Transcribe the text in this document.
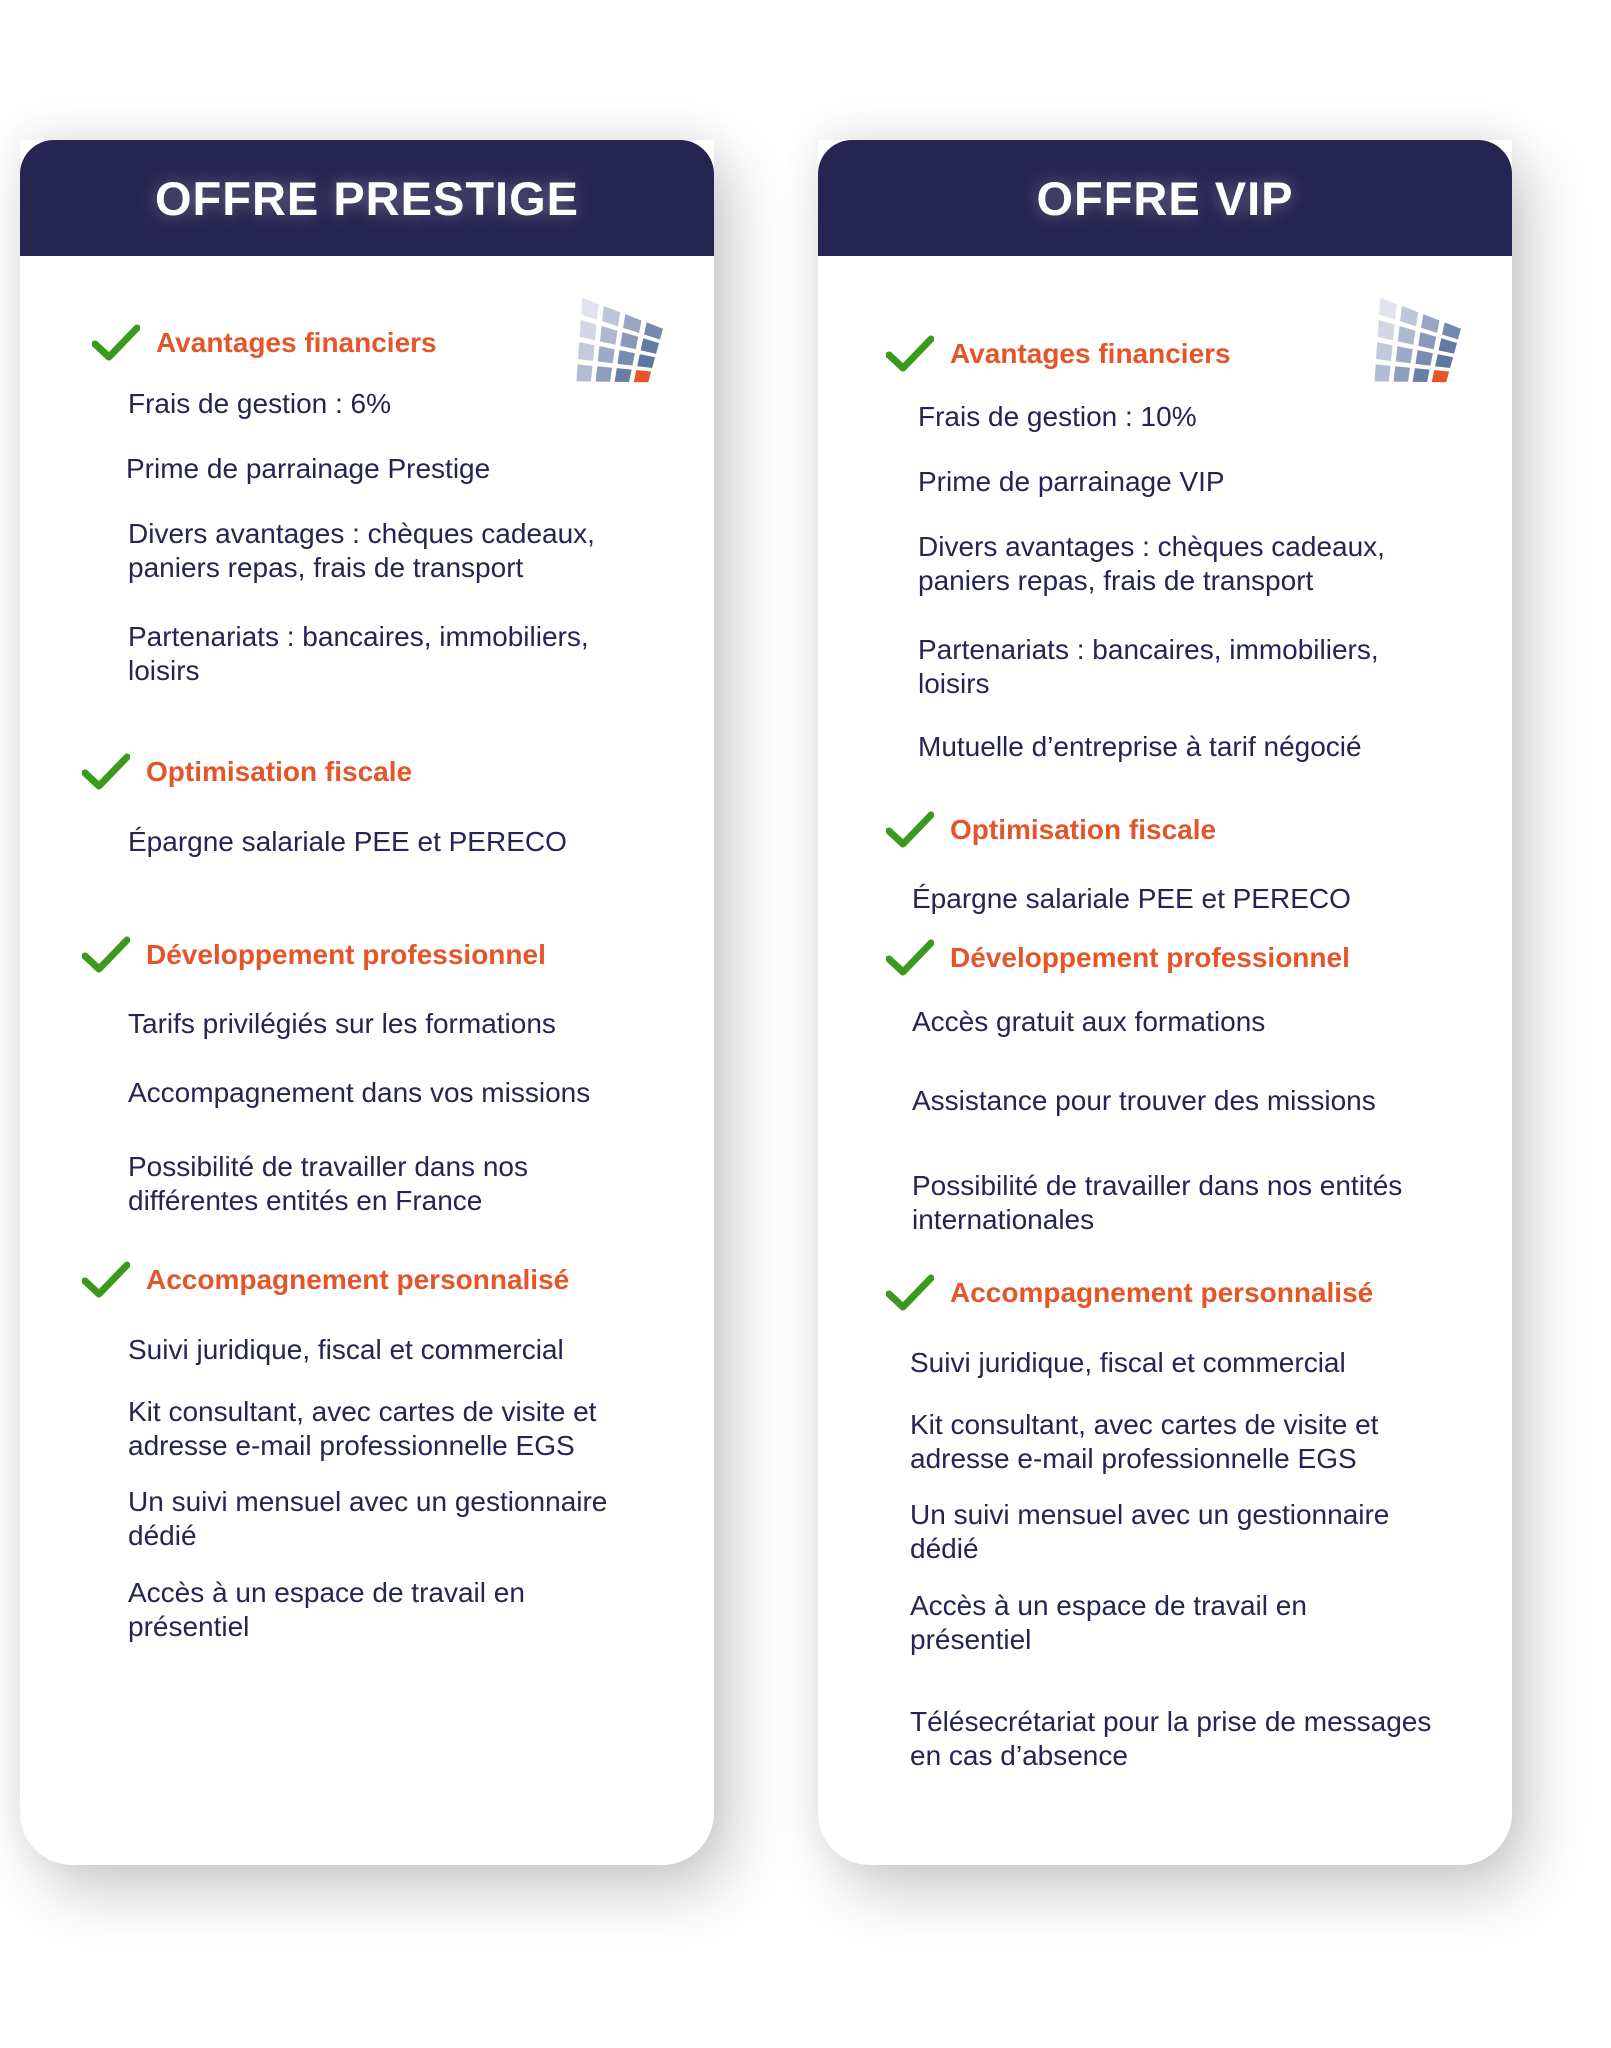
OFFRE PRESTIGE
Avantages financiers
Frais de gestion : 6%
Prime de parrainage Prestige
Divers avantages : chèques cadeaux,
paniers repas, frais de transport
Partenariats : bancaires, immobiliers,
loisirs
Optimisation fiscale
Épargne salariale PEE et PERECO
Développement professionnel
Tarifs privilégiés sur les formations
Accompagnement dans vos missions
Possibilité de travailler dans nos
différentes entités en France
Accompagnement personnalisé
Suivi juridique, fiscal et commercial
Kit consultant, avec cartes de visite et
adresse e-mail professionnelle EGS
Un suivi mensuel avec un gestionnaire
dédié
Accès à un espace de travail en
présentiel
OFFRE VIP
Avantages financiers
Frais de gestion : 10%
Prime de parrainage VIP
Divers avantages : chèques cadeaux,
paniers repas, frais de transport
Partenariats : bancaires, immobiliers,
loisirs
Mutuelle d’entreprise à tarif négocié
Optimisation fiscale
Épargne salariale PEE et PERECO
Développement professionnel
Accès gratuit aux formations
Assistance pour trouver des missions
Possibilité de travailler dans nos entités
internationales
Accompagnement personnalisé
Suivi juridique, fiscal et commercial
Kit consultant, avec cartes de visite et
adresse e-mail professionnelle EGS
Un suivi mensuel avec un gestionnaire
dédié
Accès à un espace de travail en
présentiel
Télésecrétariat pour la prise de messages
en cas d’absence
